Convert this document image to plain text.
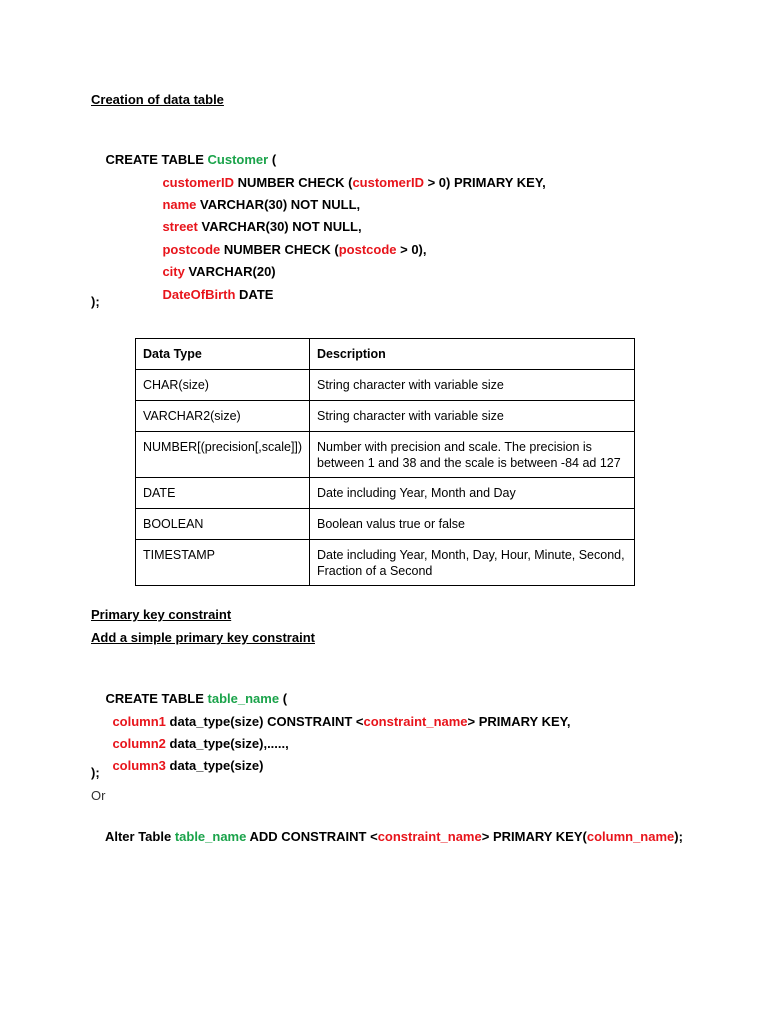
Creation of data table

CREATE TABLE Customer (

customerID NUMBER CHECK (customerID > 0) PRIMARY KEY,

name VARCHAR(30) NOT NULL,

street VARCHAR(30) NOT NULL,

postcode NUMBER CHECK (postcode > 0),

city VARCHAR(20)

DateOfBirth DATE

);
Data Type	Description
CHAR(size)	String character with variable size
VARCHAR2(size)	String character with variable size
NUMBER[(precision[,scale]])	Number with precision and scale. The precision is between 1 and 38 and the scale is between -84 ad 127
DATE	Date including Year, Month and Day
BOOLEAN	Boolean valus true or false
TIMESTAMP	Date including Year, Month, Day, Hour, Minute, Second, Fraction of a Second
Primary key constraint
Add a simple primary key constraint

CREATE TABLE table_name (

column1 data_type(size) CONSTRAINT <constraint_name> PRIMARY KEY,

column2 data_type(size),.....,

column3 data_type(size)

);
Or

Alter Table table_name ADD CONSTRAINT <constraint_name> PRIMARY KEY(column_name);
